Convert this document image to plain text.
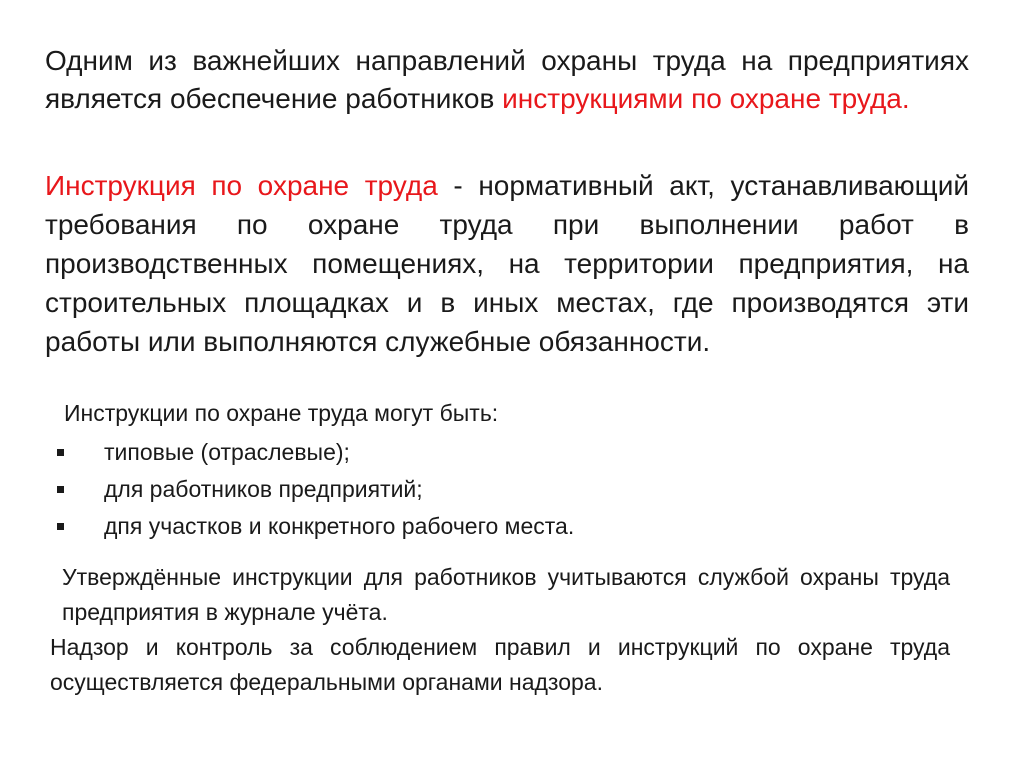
Одним из важнейших направлений охраны труда на предприятиях является обеспечение работников инструкциями по охране труда.

Инструкция по охране труда - нормативный акт, устанавливающий требования по охране труда при выполнении работ в производственных помещениях, на территории предприятия, на строительных площадках и в иных местах, где производятся эти работы или выполняются служебные обязанности.

Инструкции по охране труда могут быть:
типовые (отраслевые);
для работников предприятий;
дпя участков и конкретного рабочего места.

Утверждённые инструкции для работников учитываются службой охраны труда предприятия в журнале учёта.

Надзор и контроль за соблюдением правил и инструкций по охране труда осуществляется федеральными органами надзора.
